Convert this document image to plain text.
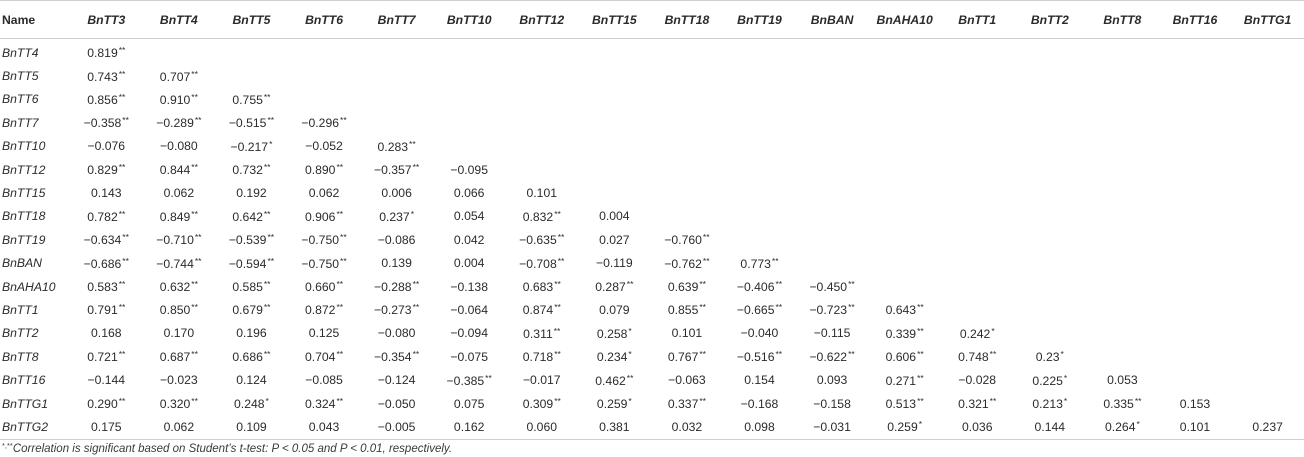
Name	BnTT3	BnTT4	BnTT5	BnTT6	BnTT7	BnTT10	BnTT12	BnTT15	BnTT18	BnTT19	BnBAN	BnAHA10	BnTT1	BnTT2	BnTT8	BnTT16	BnTTG1
BnTT4	0.819**																
BnTT5	0.743**	0.707**															
BnTT6	0.856**	0.910**	0.755**														
BnTT7	−0.358**	−0.289**	−0.515**	−0.296**													
BnTT10	−0.076	−0.080	−0.217*	−0.052	0.283**												
BnTT12	0.829**	0.844**	0.732**	0.890**	−0.357**	−0.095											
BnTT15	0.143	0.062	0.192	0.062	0.006	0.066	0.101										
BnTT18	0.782**	0.849**	0.642**	0.906**	0.237*	0.054	0.832**	0.004									
BnTT19	−0.634**	−0.710**	−0.539**	−0.750**	−0.086	0.042	−0.635**	0.027	−0.760**								
BnBAN	−0.686**	−0.744**	−0.594**	−0.750**	0.139	0.004	−0.708**	−0.119	−0.762**	0.773**							
BnAHA10	0.583**	0.632**	0.585**	0.660**	−0.288**	−0.138	0.683**	0.287**	0.639**	−0.406**	−0.450**						
BnTT1	0.791**	0.850**	0.679**	0.872**	−0.273**	−0.064	0.874**	0.079	0.855**	−0.665**	−0.723**	0.643**					
BnTT2	0.168	0.170	0.196	0.125	−0.080	−0.094	0.311**	0.258*	0.101	−0.040	−0.115	0.339**	0.242*				
BnTT8	0.721**	0.687**	0.686**	0.704**	−0.354**	−0.075	0.718**	0.234*	0.767**	−0.516**	−0.622**	0.606**	0.748**	0.23*			
BnTT16	−0.144	−0.023	0.124	−0.085	−0.124	−0.385**	−0.017	0.462**	−0.063	0.154	0.093	0.271**	−0.028	0.225*	0.053		
BnTTG1	0.290**	0.320**	0.248*	0.324**	−0.050	0.075	0.309**	0.259*	0.337**	−0.168	−0.158	0.513**	0.321**	0.213*	0.335**	0.153	
BnTTG2	0.175	0.062	0.109	0.043	−0.005	0.162	0.060	0.381	0.032	0.098	−0.031	0.259*	0.036	0.144	0.264*	0.101	0.237
*,**Correlation is significant based on Student’s t-test: P < 0.05 and P < 0.01, respectively.
